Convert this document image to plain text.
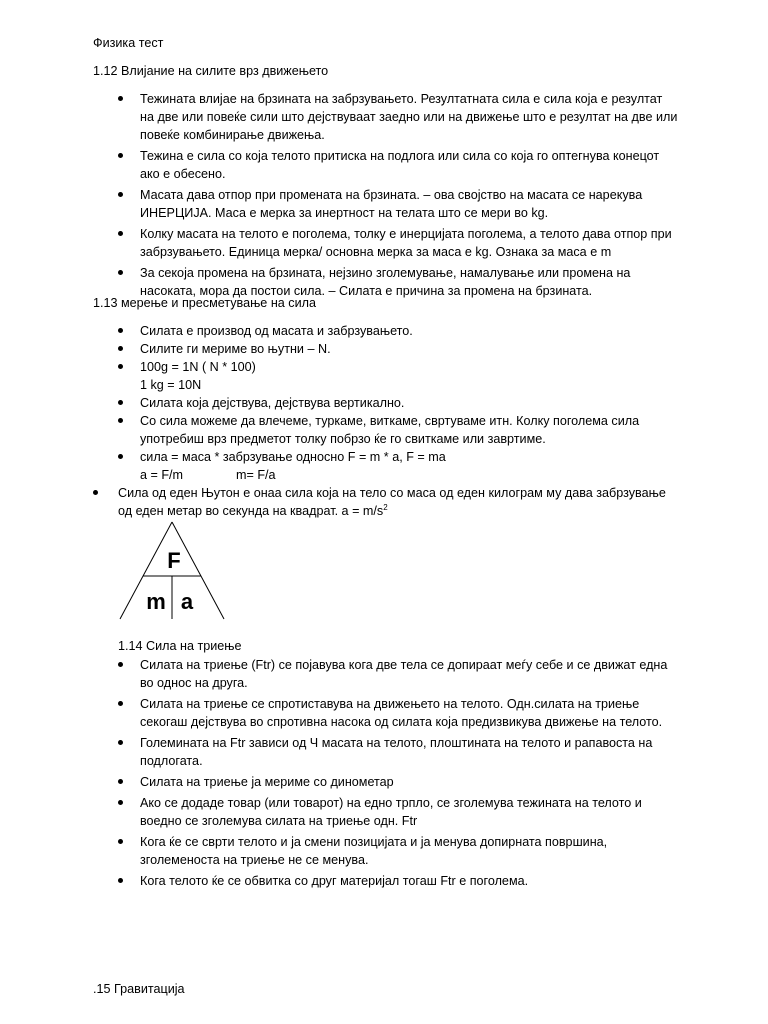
Физика тест
1.12 Влијание на силите врз движењето
Тежината влијае на брзината на забрзувањето. Резултатната сила е сила која е резултат на две или повеќе сили што дејствуваат заедно или на движење што е резултат на две или повеќе комбинирање движења.
Тежина е сила со која телото притиска на подлога или сила со која го оптегнува конецот ако е обесено.
Масата дава отпор при промената на брзината. – ова својство на масата се нарекува ИНЕРЦИЈА. Маса е мерка за инертност на телата што се мери во kg.
Колку масата на телото е поголема, толку е инерцијата поголема, а телото дава отпор при забрзувањето. Единица мерка/ основна мерка за маса е kg. Ознака за маса е m
За секоја промена на брзината, нејзино зголемување, намалување или промена на насоката, мора да постои сила. – Силата е причина за промена на брзината.
1.13 мерење и пресметување на сила
Силата е производ од масата и забрзувањето.
Силите ги мериме во њутни – N.
100g = 1N ( N * 100)
1 kg = 10N
Силата која дејствува, дејствува вертикално.
Со сила можеме да влечеме, туркаме, виткаме, свртуваме итн. Колку поголема сила употребиш врз предметот толку побрзо ќе го свиткаме или завртиме.
сила = маса * забрзување односно F = m * a, F = ma
a = F/m	m= F/a
Сила од еден Њутон е онаа сила која на тело со маса од еден килограм му дава забрзување од еден метар во секунда на квадрат. $a = m/s^2$
F
m a
1.14 Сила на триење
Силата на триење (Ftr) се појавува кога две тела се допираат меѓу себе и се движат една во однос на друга.
Силата на триење се спротиставува на движењето на телото. Одн.силата на триење секогаш дејствува во спротивна насока од силата која предизвикува движење на телото.
Големината на Ftr зависи од Ч масата на телото, плоштината на телото и рапавоста на подлогата.
Силата на триење ја мериме со динометар
Ако се додаде товар (или товарот) на едно трпло, се зголемува тежината на телото и воедно се зголемува силата на триење одн. Ftr
Кога ќе се сврти телото и ја смени позицијата и ја менува допирната површина, зголеменоста на триење не се менува.
Кога телото ќе се обвитка со друг материјал тогаш Ftr е поголема.
.15 Гравитација
